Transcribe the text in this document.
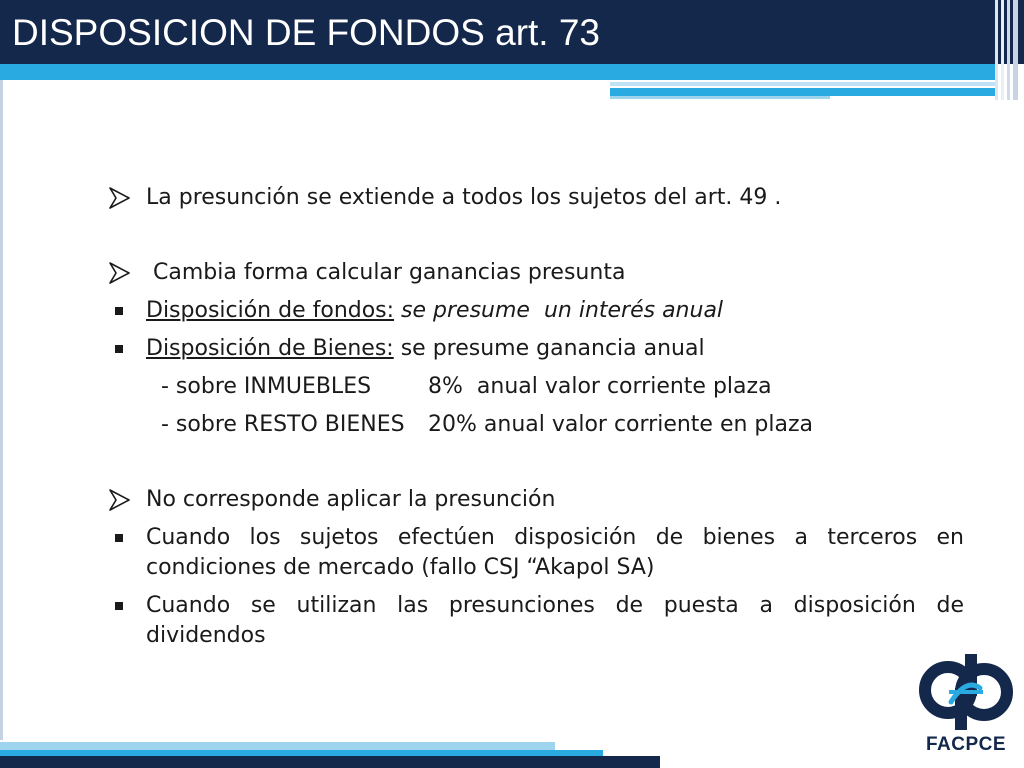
DISPOSICION DE FONDOS art. 73
La presunción se extiende a todos los sujetos del art. 49 .
Cambia forma calcular ganancias presunta
Disposición de fondos: se presume  un interés anual
Disposición de Bienes: se presume ganancia anual
- sobre INMUEBLES	8%  anual valor corriente plaza
- sobre RESTO BIENES 20% anual valor corriente en plaza
No corresponde aplicar la presunción
Cuando los sujetos efectúen disposición de bienes a terceros en condiciones de mercado (fallo CSJ “Akapol SA)
Cuando se utilizan las presunciones de puesta a disposición de dividendos
FACPCE
